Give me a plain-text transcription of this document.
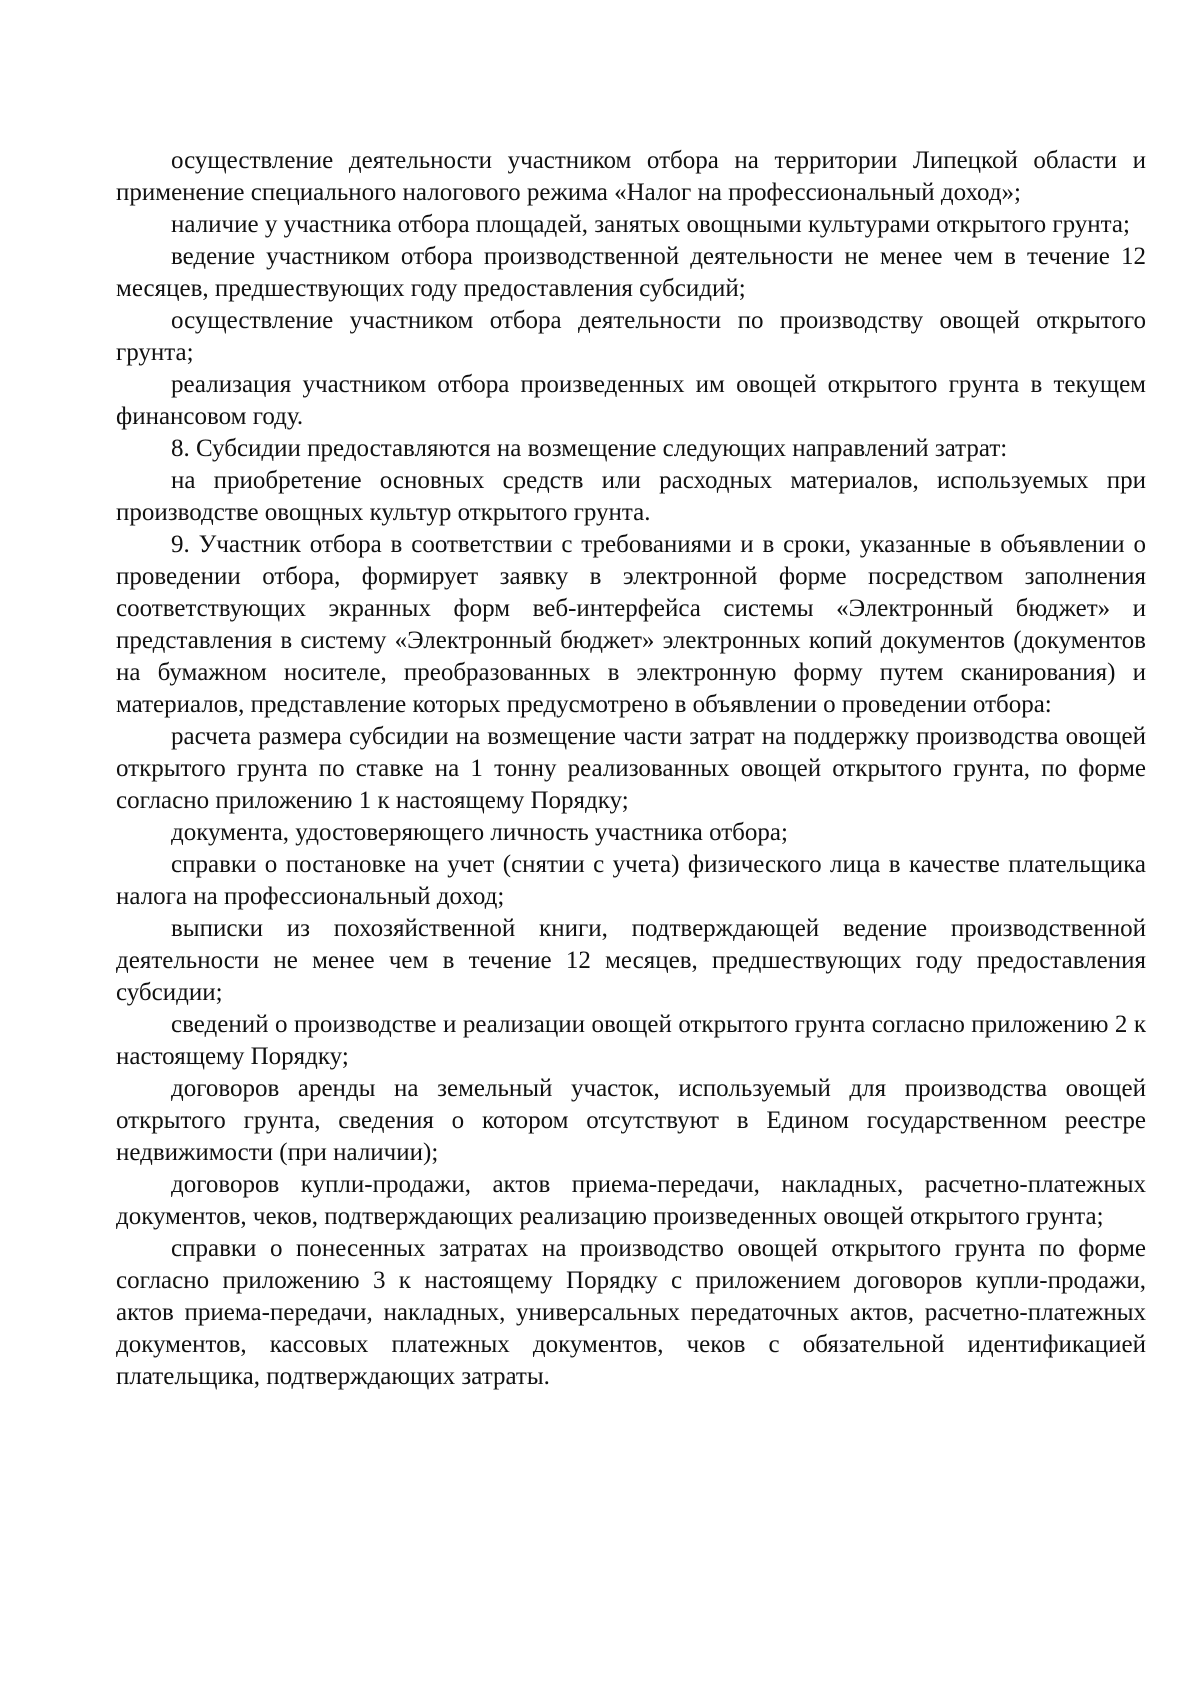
осуществление деятельности участником отбора на территории Липецкой области и применение специального налогового режима «Налог на профессиональный доход»;

наличие у участника отбора площадей, занятых овощными культурами открытого грунта;

ведение участником отбора производственной деятельности не менее чем в течение 12 месяцев, предшествующих году предоставления субсидий;

осуществление участником отбора деятельности по производству овощей открытого грунта;

реализация участником отбора произведенных им овощей открытого грунта в текущем финансовом году.

8. Субсидии предоставляются на возмещение следующих направлений затрат:

на приобретение основных средств или расходных материалов, используемых при производстве овощных культур открытого грунта.

9. Участник отбора в соответствии с требованиями и в сроки, указанные в объявлении о проведении отбора, формирует заявку в электронной форме посредством заполнения соответствующих экранных форм веб-интерфейса системы «Электронный бюджет» и представления в систему «Электронный бюджет» электронных копий документов (документов на бумажном носителе, преобразованных в электронную форму путем сканирования) и материалов, представление которых предусмотрено в объявлении о проведении отбора:

расчета размера субсидии на возмещение части затрат на поддержку производства овощей открытого грунта по ставке на 1 тонну реализованных овощей открытого грунта, по форме согласно приложению 1 к настоящему Порядку;

документа, удостоверяющего личность участника отбора;

справки о постановке на учет (снятии с учета) физического лица в качестве плательщика налога на профессиональный доход;

выписки из похозяйственной книги, подтверждающей ведение производственной деятельности не менее чем в течение 12 месяцев, предшествующих году предоставления субсидии;

сведений о производстве и реализации овощей открытого грунта согласно приложению 2 к настоящему Порядку;

договоров аренды на земельный участок, используемый для производства овощей открытого грунта, сведения о котором отсутствуют в Едином государственном реестре недвижимости (при наличии);

договоров купли-продажи, актов приема-передачи, накладных, расчетно-платежных документов, чеков, подтверждающих реализацию произведенных овощей открытого грунта;

справки о понесенных затратах на производство овощей открытого грунта по форме согласно приложению 3 к настоящему Порядку с приложением договоров купли-продажи, актов приема-передачи, накладных, универсальных передаточных актов, расчетно-платежных документов, кассовых платежных документов, чеков с обязательной идентификацией плательщика, подтверждающих затраты.
